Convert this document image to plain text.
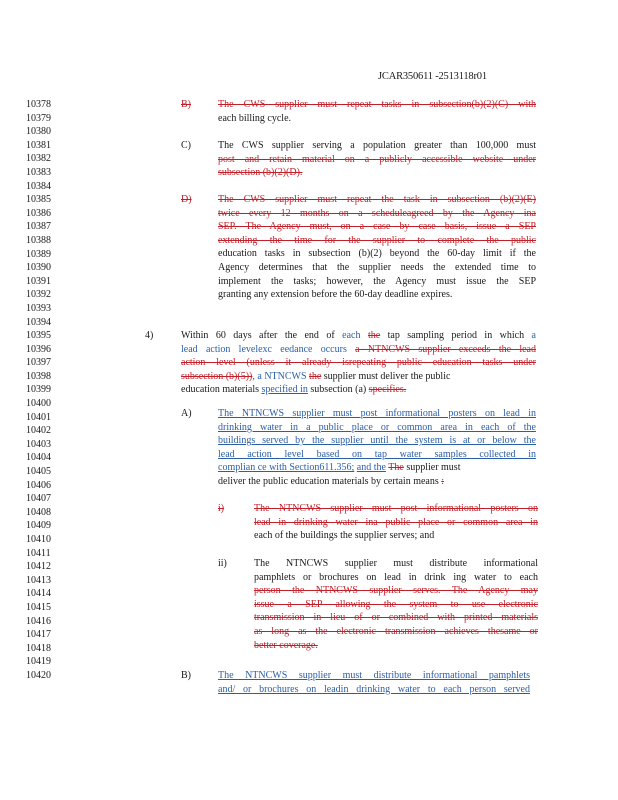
JCAR350611 -2513118r01
10378
10379
10380
10381
10382
10383
10384
10385
10386
10387
10388
10389
10390
10391
10392
10393
10394
10395
10396
10397
10398
10399
10400
10401
10402
10403
10404
10405
10406
10407
10408
10409
10410
10411
10412
10413
10414
10415
10416
10417
10418
10419
10420
B)	The CWS supplier must repeat tasks in subsection(b)(2)(C) with
each billing cycle.
C)	The CWS supplier serving a population greater than 100,000 must
post and retain material on a publicly accessible website under
subsection (b)(2)(D).
D)	The CWS supplier must repeat the task in subsection (b)(2)(E)
twice every 12 months on a scheduleagreed by the Agency ina
SEP. The Agency must, on a case by case basis, issue a SEP
extending the time for the supplier to complete the public
education tasks in subsection (b)(2) beyond the 60-day limit if the
Agency determines that the supplier needs the extended time to
implement the tasks; however, the Agency must issue the SEP
granting any extension before the 60-day deadline expires.
4)	Within 60 days after the end of each the tap sampling period in which a
lead action levelexc eedance occurs a NTNCWS supplier exceeds the lead
action level (unless it already isrepeating public education tasks under
subsection (b)(5)), a NTNCWS the supplier must deliver the public
education materials specified in subsection (a) specifies.
A)	The NTNCWS supplier must post informational posters on lead in
drinking water in a public place or common area in each of the
buildings served by the supplier until the system is at or below the
lead action level based on tap water samples collected in
complian ce with Section611.356; and the The supplier must
deliver the public education materials by certain means :
i)	The NTNCWS supplier must post informational posters on
lead in drinking water ina public place or common area in
each of the buildings the supplier serves; and
ii)	The NTNCWS supplier must distribute informational
pamphlets or brochures on lead in drink ing water to each
person the NTNCWS supplier serves. The Agency may
issue a SEP allowing the system to use electronic
transmission in lieu of or combined with printed materials
as long as the electronic transmission achieves thesame or
better coverage.
B)	The NTNCWS supplier must distribute informational pamphlets
and/ or brochures on leadin drinking water to each person served
